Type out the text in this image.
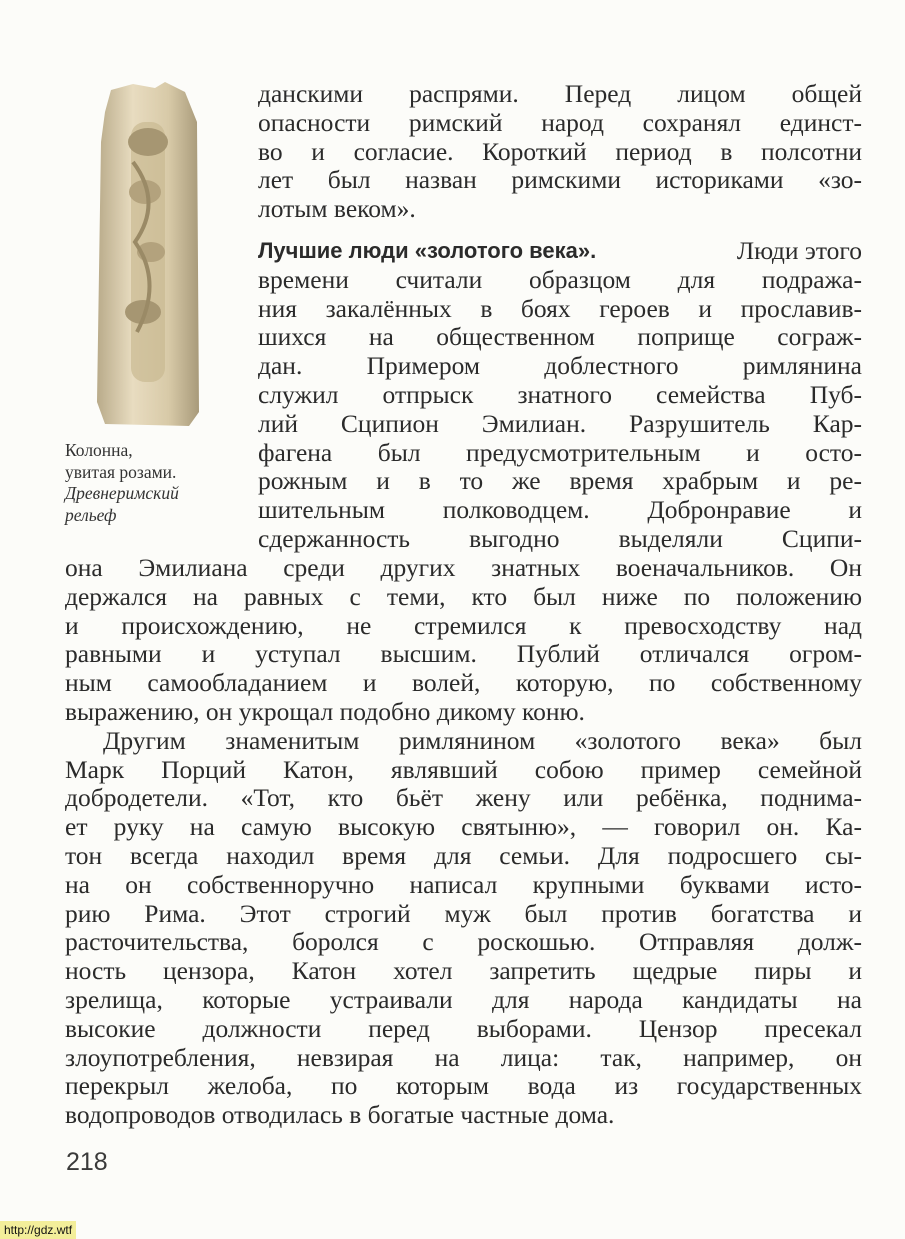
Колонна,
увитая розами.
Древнеримский
рельеф
данскими распрями. Перед лицом общей
опасности римский народ сохранял единст-
во и согласие. Короткий период в полсотни
лет был назван римскими историками «зо-
лотым веком».
Лучшие люди «золотого века».	Люди этого
времени считали образцом для подража-
ния закалённых в боях героев и прославив-
шихся на общественном поприще сограж-
дан. Примером доблестного римлянина
служил отпрыск знатного семейства Пуб-
лий Сципион Эмилиан. Разрушитель Кар-
фагена был предусмотрительным и осто-
рожным и в то же время храбрым и ре-
шительным полководцем. Добронравие и
сдержанность выгодно выделяли Сципи-
она Эмилиана среди других знатных военачальников. Он
держался на равных с теми, кто был ниже по положению
и происхождению, не стремился к превосходству над
равными и уступал высшим. Публий отличался огром-
ным самообладанием и волей, которую, по собственному
выражению, он укрощал подобно дикому коню.
Другим знаменитым римлянином «золотого века» был
Марк Порций Катон, являвший собою пример семейной
добродетели. «Тот, кто бьёт жену или ребёнка, поднима-
ет руку на самую высокую святыню», — говорил он. Ка-
тон всегда находил время для семьи. Для подросшего сы-
на он собственноручно написал крупными буквами исто-
рию Рима. Этот строгий муж был против богатства и
расточительства, боролся с роскошью. Отправляя долж-
ность цензора, Катон хотел запретить щедрые пиры и
зрелища, которые устраивали для народа кандидаты на
высокие должности перед выборами. Цензор пресекал
злоупотребления, невзирая на лица: так, например, он
перекрыл желоба, по которым вода из государственных
водопроводов отводилась в богатые частные дома.
218
http://gdz.wtf
